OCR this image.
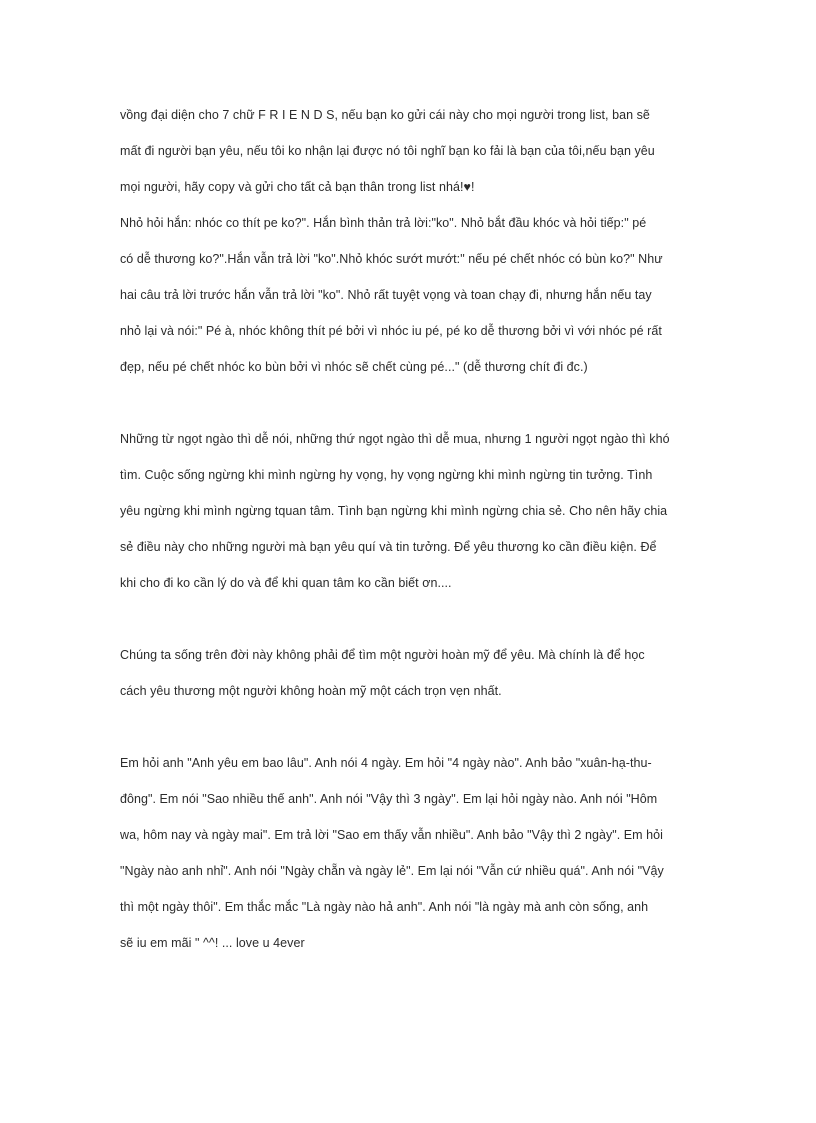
vồng đại diện cho 7 chữ F R I E N D S, nếu bạn ko gửi cái này cho mọi người trong list, ban sẽ
mất đi người bạn yêu, nếu tôi ko nhận lại được nó tôi nghĩ bạn ko fải là bạn của tôi,nếu bạn yêu
mọi người, hãy copy và gửi cho tất cả bạn thân trong list nhá!♥!
Nhỏ hỏi hắn: nhóc co thít pe ko?". Hắn bình thản trả lời:"ko". Nhỏ bắt đầu khóc và hỏi tiếp:" pé
có dễ thương ko?".Hắn vẫn trả lời "ko".Nhỏ khóc sướt mướt:" nếu pé chết nhóc có bùn ko?" Như
hai câu trả lời trước hắn vẫn trả lời "ko". Nhỏ rất tuyệt vọng và toan chạy đi, nhưng hắn nếu tay
nhỏ lại và nói:" Pé à, nhóc không thít pé bởi vì nhóc iu pé, pé ko dễ thương bởi vì với nhóc pé rất
đẹp, nếu pé chết nhóc ko bùn bởi vì nhóc sẽ chết cùng pé..." (dễ thương chít đi đc.)
Những từ ngọt ngào thì dễ nói, những thứ ngọt ngào thì dễ mua, nhưng 1 người ngọt ngào thì khó
tìm. Cuộc sống ngừng khi mình ngừng hy vọng, hy vọng ngừng khi mình ngừng tin tưởng. Tình
yêu ngừng khi mình ngừng tquan tâm. Tình bạn ngừng khi mình ngừng chia sẻ. Cho nên hãy chia
sẻ điều này cho những người mà bạn yêu quí và tin tưởng. Để yêu thương ko cần điều kiện. Để
khi cho đi ko cần lý do và để khi quan tâm ko cần biết ơn....
Chúng ta sống trên đời này không phải để tìm một người hoàn mỹ để yêu. Mà chính là để học
cách yêu thương một người không hoàn mỹ một cách trọn vẹn nhất.
Em hỏi anh "Anh yêu em bao lâu". Anh nói 4 ngày. Em hỏi "4 ngày nào". Anh bảo "xuân-hạ-thu-
đông". Em nói "Sao nhiều thế anh". Anh nói "Vậy thì 3 ngày". Em lại hỏi ngày nào. Anh nói "Hôm
wa, hôm nay và ngày mai". Em trả lời "Sao em thấy vẫn nhiều". Anh bảo "Vậy thì 2 ngày". Em hỏi
"Ngày nào anh nhỉ". Anh nói "Ngày chẵn và ngày lẻ". Em lại nói "Vẫn cứ nhiều quá". Anh nói "Vậy
thì một ngày thôi". Em thắc mắc "Là ngày nào hả anh". Anh nói "là ngày mà anh còn sống, anh
sẽ iu em mãi " ^^! ... love u 4ever
